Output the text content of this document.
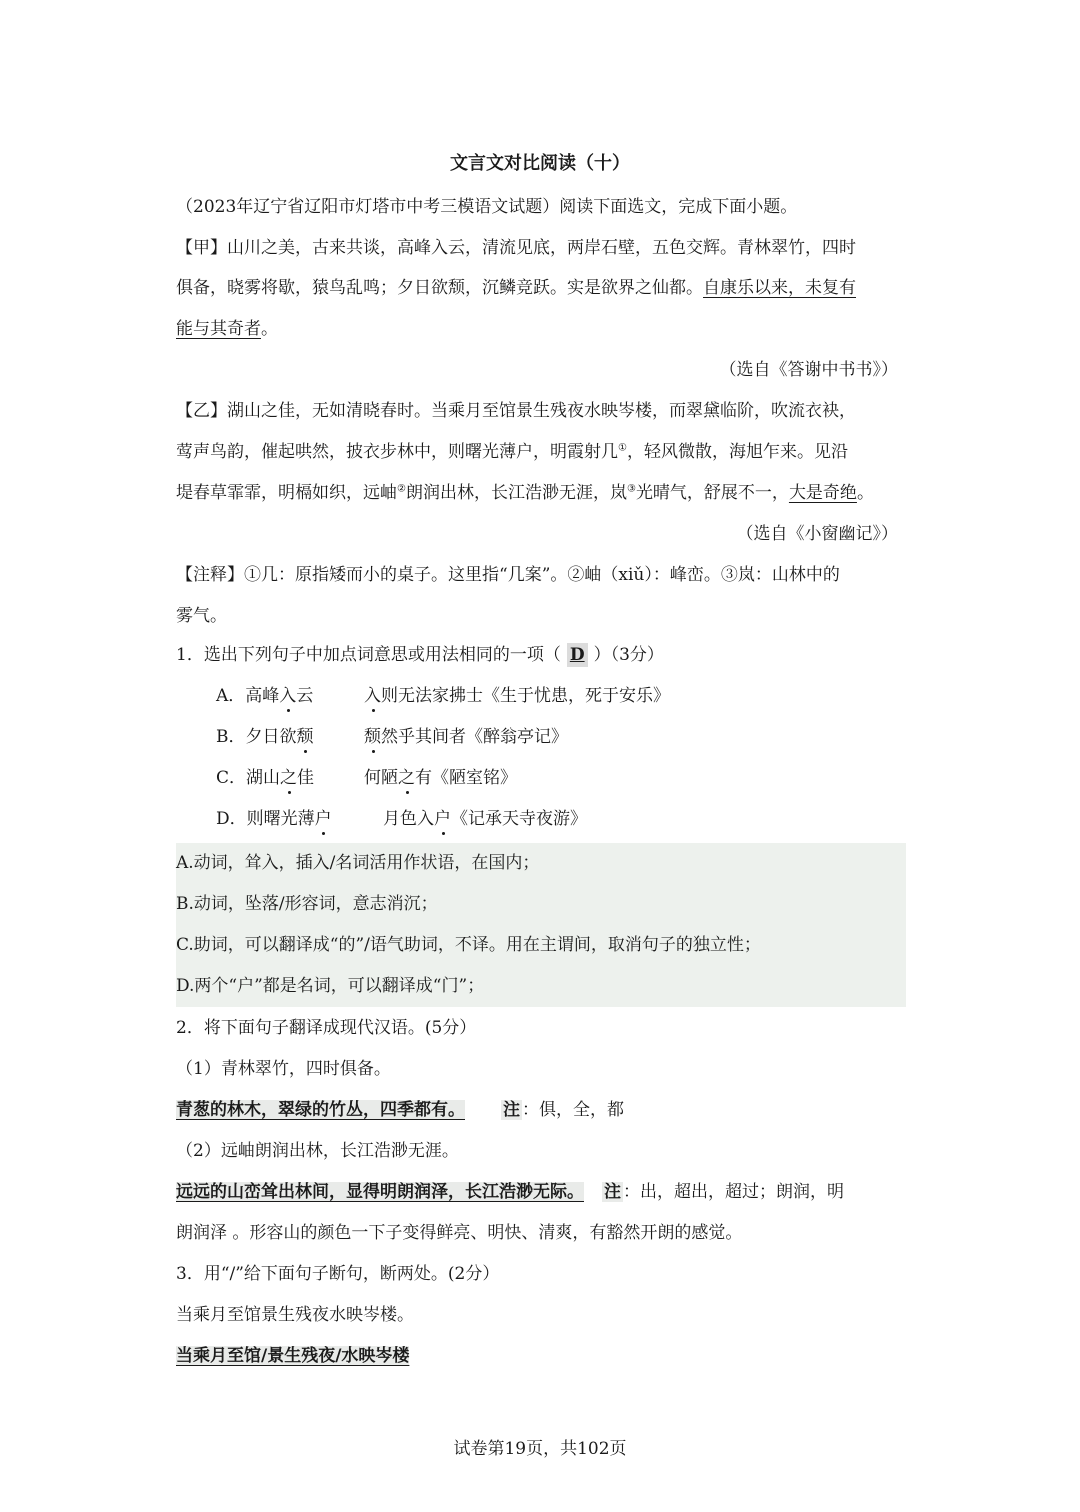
文言文对比阅读（十）
（2023年辽宁省辽阳市灯塔市中考三模语文试题）阅读下面选文，完成下面小题。
【甲】山川之美，古来共谈，高峰入云，清流见底，两岸石壁，五色交辉。青林翠竹，四时
俱备，晓雾将歇，猿鸟乱鸣；夕日欲颓，沉鳞竞跃。实是欲界之仙都。自康乐以来，未复有
能与其奇者。
（选自《答谢中书书》）
【乙】湖山之佳，无如清晓春时。当乘月至馆景生残夜水映岑楼，而翠黛临阶，吹流衣袂，
莺声鸟韵，催起哄然，披衣步林中，则曙光薄户，明霞射几①，轻风微散，海旭乍来。见沿
堤春草霏霏，明槅如织，远岫②朗润出林，长江浩渺无涯，岚③光晴气，舒展不一，大是奇绝。
（选自《小窗幽记》）
【注释】①几：原指矮而小的桌子。这里指“几案”。②岫（xiǔ）：峰峦。③岚：山林中的
雾气。
1．选出下列句子中加点词意思或用法相同的一项（ D ）（3分）
A．高峰入云	入则无法家拂士《生于忧患，死于安乐》
B．夕日欲颓	颓然乎其间者《醉翁亭记》
C．湖山之佳	何陋之有《陋室铭》
D．则曙光薄户	月色入户《记承天寺夜游》
A.动词，耸入，插入/名词活用作状语，在国内；
B.动词，坠落/形容词，意志消沉；
C.助词，可以翻译成“的”/语气助词，不译。用在主谓间，取消句子的独立性；
D.两个“户”都是名词，可以翻译成“门”；
2．将下面句子翻译成现代汉语。(5分）
（1）青林翠竹，四时俱备。
青葱的林木，翠绿的竹丛，四季都有。 注 ：俱，全，都
（2）远岫朗润出林，长江浩渺无涯。
远远的山峦耸出林间，显得明朗润泽，长江浩渺无际。 注 ：出，超出，超过；朗润，明
朗润泽 。形容山的颜色一下子变得鲜亮、明快、清爽，有豁然开朗的感觉。
3．用“/”给下面句子断句，断两处。(2分）
当乘月至馆景生残夜水映岑楼。
当乘月至馆/景生残夜/水映岑楼
试卷第19页，共102页
